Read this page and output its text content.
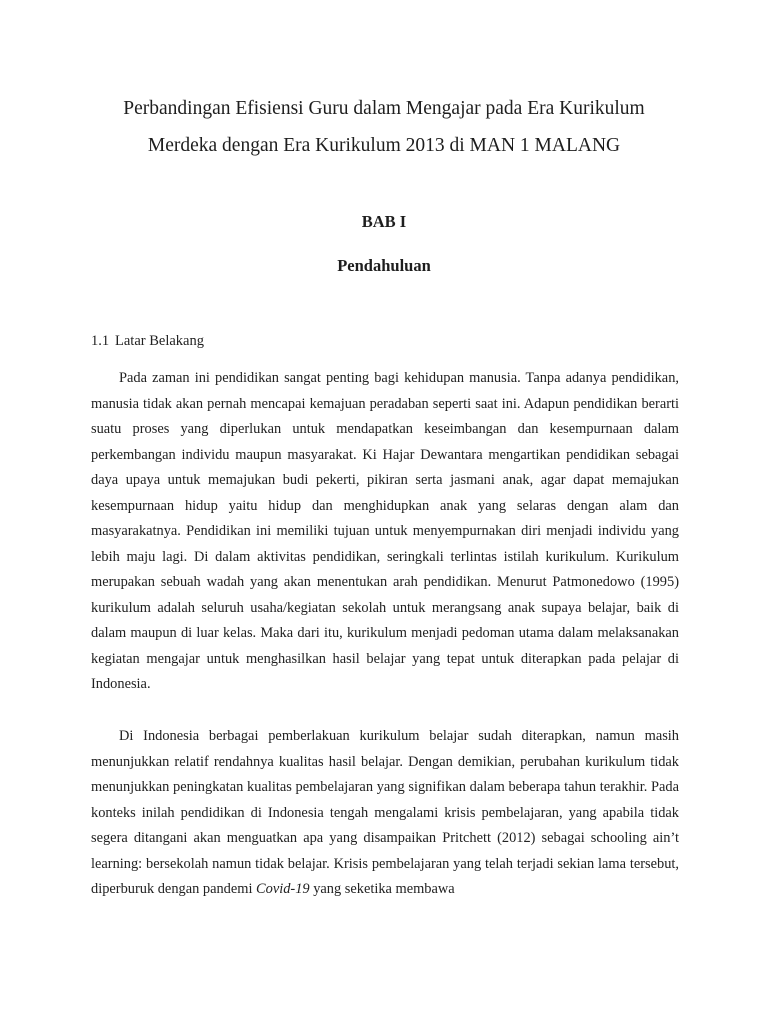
Perbandingan Efisiensi Guru dalam Mengajar pada Era Kurikulum
Merdeka dengan Era Kurikulum 2013 di MAN 1 MALANG
BAB I
Pendahuluan
1.1 Latar Belakang

Pada zaman ini pendidikan sangat penting bagi kehidupan manusia. Tanpa adanya pendidikan, manusia tidak akan pernah mencapai kemajuan peradaban seperti saat ini. Adapun pendidikan berarti suatu proses yang diperlukan untuk mendapatkan keseimbangan dan kesempurnaan dalam perkembangan individu maupun masyarakat. Ki Hajar Dewantara mengartikan pendidikan sebagai daya upaya untuk memajukan budi pekerti, pikiran serta jasmani anak, agar dapat memajukan kesempurnaan hidup yaitu hidup dan menghidupkan anak yang selaras dengan alam dan masyarakatnya. Pendidikan ini memiliki tujuan untuk menyempurnakan diri menjadi individu yang lebih maju lagi. Di dalam aktivitas pendidikan, seringkali terlintas istilah kurikulum. Kurikulum merupakan sebuah wadah yang akan menentukan arah pendidikan. Menurut Patmonedowo (1995) kurikulum adalah seluruh usaha/kegiatan sekolah untuk merangsang anak supaya belajar, baik di dalam maupun di luar kelas. Maka dari itu, kurikulum menjadi pedoman utama dalam melaksanakan kegiatan mengajar untuk menghasilkan hasil belajar yang tepat untuk diterapkan pada pelajar di Indonesia.

Di Indonesia berbagai pemberlakuan kurikulum belajar sudah diterapkan, namun masih menunjukkan relatif rendahnya kualitas hasil belajar. Dengan demikian, perubahan kurikulum tidak menunjukkan peningkatan kualitas pembelajaran yang signifikan dalam beberapa tahun terakhir. Pada konteks inilah pendidikan di Indonesia tengah mengalami krisis pembelajaran, yang apabila tidak segera ditangani akan menguatkan apa yang disampaikan Pritchett (2012) sebagai schooling ain’t learning: bersekolah namun tidak belajar. Krisis pembelajaran yang telah terjadi sekian lama tersebut, diperburuk dengan pandemi Covid-19 yang seketika membawa
